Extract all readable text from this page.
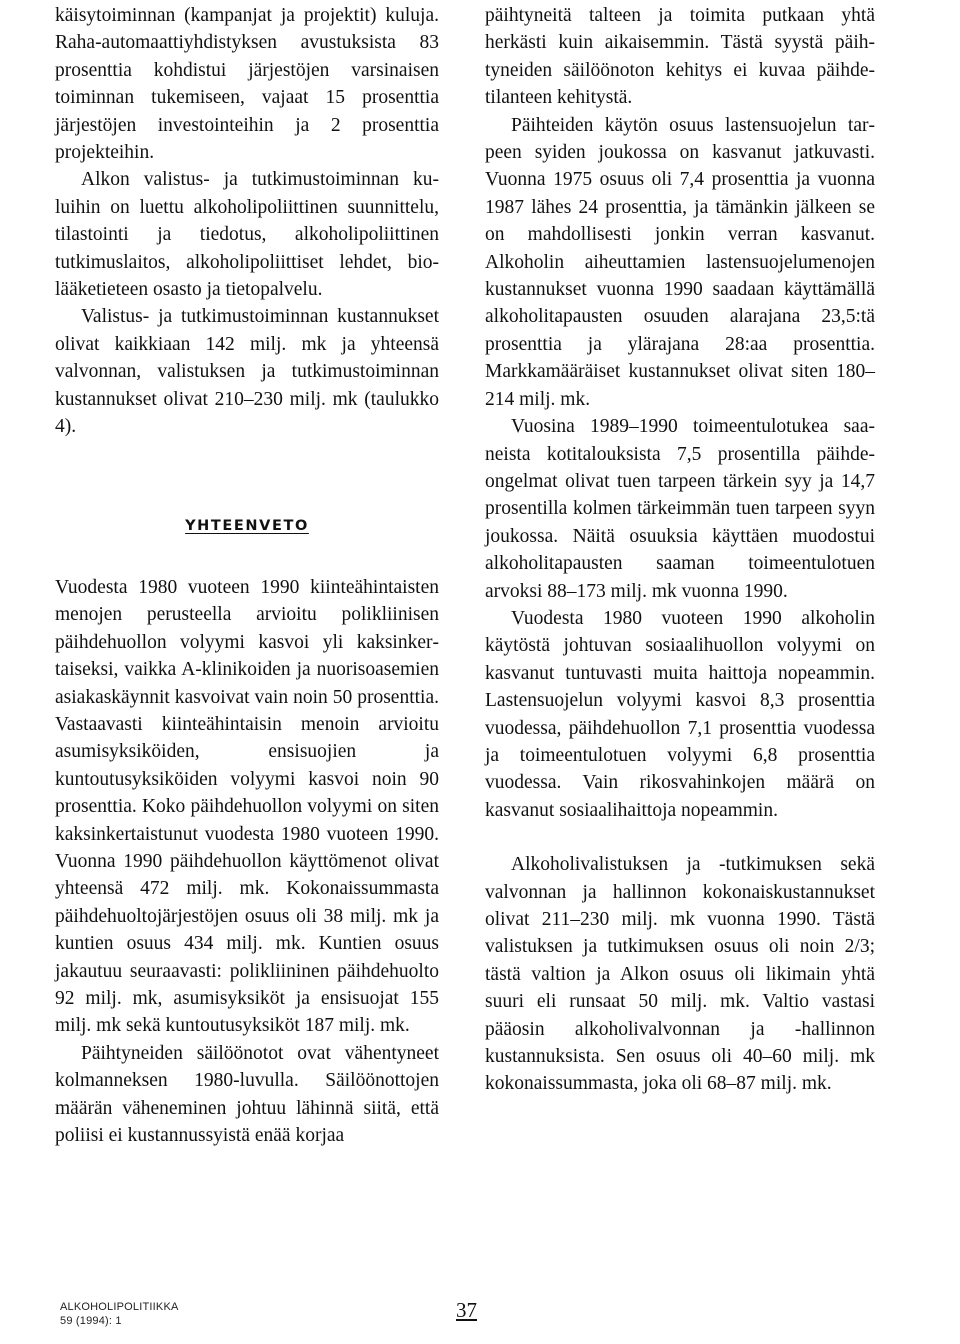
käisytoiminnan (kampanjat ja projektit) kuluja. Raha-automaattiyhdistyksen avustuksista 83 prosenttia kohdistui järjestöjen varsinaisen toiminnan tukemiseen, vajaat 15 prosenttia järjestöjen investointeihin ja 2 prosenttia projekteihin.

Alkon valistus- ja tutkimustoiminnan kuluihin on luettu alkoholipoliittinen suunnittelu, tilastointi ja tiedotus, alkoholipoliittinen tutkimuslaitos, alkoholipoliittiset lehdet, biolääketieteen osasto ja tietopalvelu.

Valistus- ja tutkimustoiminnan kustannukset olivat kaikkiaan 142 milj. mk ja yhteensä valvonnan, valistuksen ja tutkimustoiminnan kustannukset olivat 210–230 milj. mk (taulukko 4).

YHTEENVETO

Vuodesta 1980 vuoteen 1990 kiinteähintaisten menojen perusteella arvioitu polikliinisen päihdehuollon volyymi kasvoi yli kaksinkertaiseksi, vaikka A-klinikoiden ja nuorisoasemien asiakaskäynnit kasvoivat vain noin 50 prosenttia. Vastaavasti kiinteähintaisin menoin arvioitu asumisyksiköiden, ensisuojien ja kuntoutusyksiköiden volyymi kasvoi noin 90 prosenttia. Koko päihdehuollon volyymi on siten kaksinkertaistunut vuodesta 1980 vuoteen 1990. Vuonna 1990 päihdehuollon käyttömenot olivat yhteensä 472 milj. mk. Kokonaissummasta päihdehuoltojärjestöjen osuus oli 38 milj. mk ja kuntien osuus 434 milj. mk. Kuntien osuus jakautuu seuraavasti: polikliininen päihdehuolto 92 milj. mk, asumisyksiköt ja ensisuojat 155 milj. mk sekä kuntoutusyksiköt 187 milj. mk.

Päihtyneiden säilöönotot ovat vähentyneet kolmanneksen 1980-luvulla. Säilöönottojen määrän väheneminen johtuu lähinnä siitä, että poliisi ei kustannussyistä enää korjaa

päihtyneitä talteen ja toimita putkaan yhtä herkästi kuin aikaisemmin. Tästä syystä päihtyneiden säilöönoton kehitys ei kuvaa päihdetilanteen kehitystä.

Päihteiden käytön osuus lastensuojelun tarpeen syiden joukossa on kasvanut jatkuvasti. Vuonna 1975 osuus oli 7,4 prosenttia ja vuonna 1987 lähes 24 prosenttia, ja tämänkin jälkeen se on mahdollisesti jonkin verran kasvanut. Alkoholin aiheuttamien lastensuojelumenojen kustannukset vuonna 1990 saadaan käyttämällä alkoholitapausten osuuden alarajana 23,5:tä prosenttia ja ylärajana 28:aa prosenttia. Markkamääräiset kustannukset olivat siten 180–214 milj. mk.

Vuosina 1989–1990 toimeentulotukea saaneista kotitalouksista 7,5 prosentilla päihdeongelmat olivat tuen tarpeen tärkein syy ja 14,7 prosentilla kolmen tärkeimmän tuen tarpeen syyn joukossa. Näitä osuuksia käyttäen muodostui alkoholitapausten saaman toimeentulotuen arvoksi 88–173 milj. mk vuonna 1990.

Vuodesta 1980 vuoteen 1990 alkoholin käytöstä johtuvan sosiaalihuollon volyymi on kasvanut tuntuvasti muita haittoja nopeammin. Lastensuojelun volyymi kasvoi 8,3 prosenttia vuodessa, päihdehuollon 7,1 prosenttia vuodessa ja toimeentulotuen volyymi 6,8 prosenttia vuodessa. Vain rikosvahinkojen määrä on kasvanut sosiaalihaittoja nopeammin.

Alkoholivalistuksen ja -tutkimuksen sekä valvonnan ja hallinnon kokonaiskustannukset olivat 211–230 milj. mk vuonna 1990. Tästä valistuksen ja tutkimuksen osuus oli noin 2/3; tästä valtion ja Alkon osuus oli likimain yhtä suuri eli runsaat 50 milj. mk. Valtio vastasi pääosin alkoholivalvonnan ja -hallinnon kustannuksista. Sen osuus oli 40–60 milj. mk kokonaissummasta, joka oli 68–87 milj. mk.

ALKOHOLIPOLITIIKKA
59 (1994): 1	37
